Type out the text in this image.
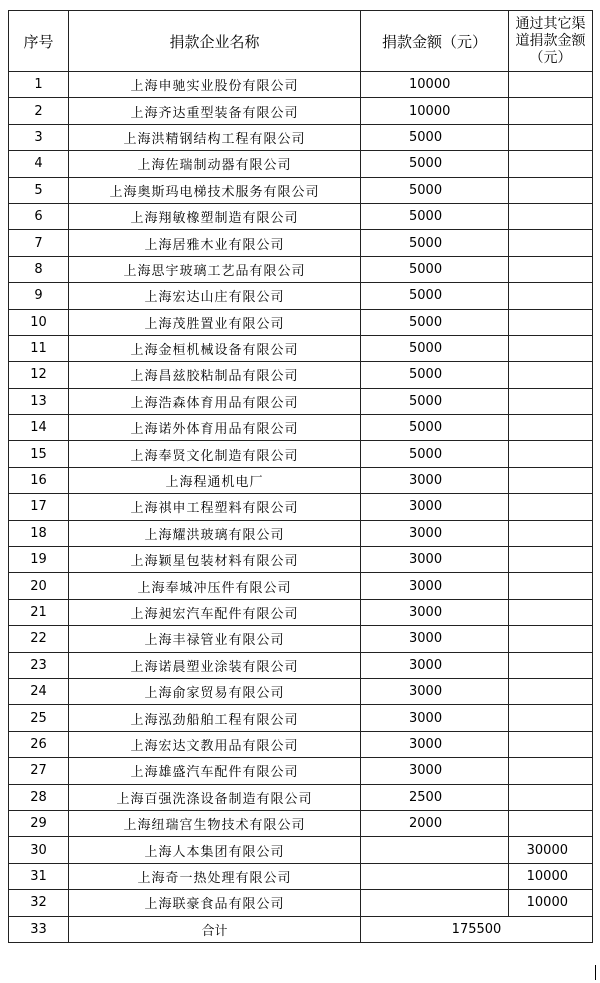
序号	捐款企业名称	捐款金额（元）	通过其它渠道捐款金额（元）
1	上海申驰实业股份有限公司	10000	
2	上海齐达重型装备有限公司	10000	
3	上海洪精钢结构工程有限公司	5000	
4	上海佐瑞制动器有限公司	5000	
5	上海奥斯玛电梯技术服务有限公司	5000	
6	上海翔敏橡塑制造有限公司	5000	
7	上海居雅木业有限公司	5000	
8	上海思宇玻璃工艺品有限公司	5000	
9	上海宏达山庄有限公司	5000	
10	上海茂胜置业有限公司	5000	
11	上海金桓机械设备有限公司	5000	
12	上海昌兹胶粘制品有限公司	5000	
13	上海浩森体育用品有限公司	5000	
14	上海诺外体育用品有限公司	5000	
15	上海奉贤文化制造有限公司	5000	
16	上海程通机电厂	3000	
17	上海祺申工程塑料有限公司	3000	
18	上海耀洪玻璃有限公司	3000	
19	上海颖星包装材料有限公司	3000	
20	上海奉城冲压件有限公司	3000	
21	上海昶宏汽车配件有限公司	3000	
22	上海丰禄管业有限公司	3000	
23	上海诺晨塑业涂装有限公司	3000	
24	上海俞家贸易有限公司	3000	
25	上海泓劲船舶工程有限公司	3000	
26	上海宏达文教用品有限公司	3000	
27	上海雄盛汽车配件有限公司	3000	
28	上海百强洗涤设备制造有限公司	2500	
29	上海纽瑞宫生物技术有限公司	2000	
30	上海人本集团有限公司		30000
31	上海奇一热处理有限公司		10000
32	上海联豪食品有限公司		10000
33	合计	175500	
